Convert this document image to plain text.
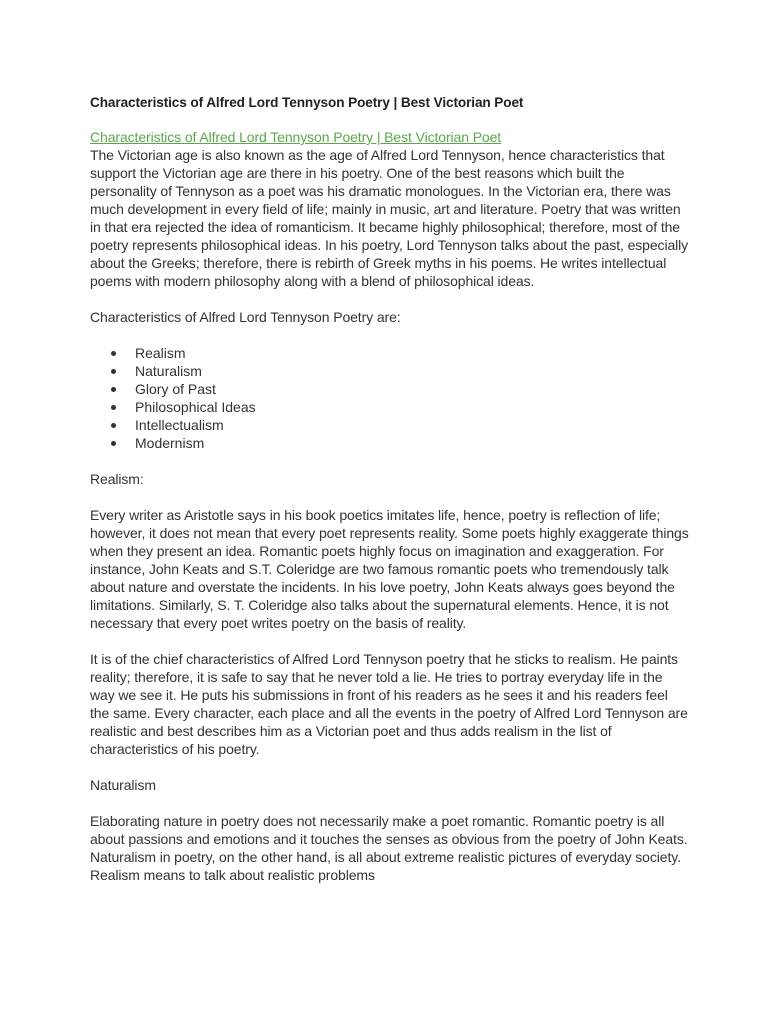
Characteristics of Alfred Lord Tennyson Poetry | Best Victorian Poet
Characteristics of Alfred Lord Tennyson Poetry | Best Victorian Poet

The Victorian age is also known as the age of Alfred Lord Tennyson, hence characteristics that support the Victorian age are there in his poetry. One of the best reasons which built the personality of Tennyson as a poet was his dramatic monologues. In the Victorian era, there was much development in every field of life; mainly in music, art and literature. Poetry that was written in that era rejected the idea of romanticism. It became highly philosophical; therefore, most of the poetry represents philosophical ideas. In his poetry, Lord Tennyson talks about the past, especially about the Greeks; therefore, there is rebirth of Greek myths in his poems. He writes intellectual poems with modern philosophy along with a blend of philosophical ideas.

Characteristics of Alfred Lord Tennyson Poetry are:

Realism
Naturalism
Glory of Past
Philosophical Ideas
Intellectualism
Modernism

Realism:

Every writer as Aristotle says in his book poetics imitates life, hence, poetry is reflection of life; however, it does not mean that every poet represents reality. Some poets highly exaggerate things when they present an idea. Romantic poets highly focus on imagination and exaggeration. For instance, John Keats and S.T. Coleridge are two famous romantic poets who tremendously talk about nature and overstate the incidents. In his love poetry, John Keats always goes beyond the limitations. Similarly, S. T. Coleridge also talks about the supernatural elements. Hence, it is not necessary that every poet writes poetry on the basis of reality.

It is of the chief characteristics of Alfred Lord Tennyson poetry that he sticks to realism. He paints reality; therefore, it is safe to say that he never told a lie. He tries to portray everyday life in the way we see it. He puts his submissions in front of his readers as he sees it and his readers feel the same. Every character, each place and all the events in the poetry of Alfred Lord Tennyson are realistic and best describes him as a Victorian poet and thus adds realism in the list of characteristics of his poetry.

Naturalism

Elaborating nature in poetry does not necessarily make a poet romantic. Romantic poetry is all about passions and emotions and it touches the senses as obvious from the poetry of John Keats. Naturalism in poetry, on the other hand, is all about extreme realistic pictures of everyday society. Realism means to talk about realistic problems
